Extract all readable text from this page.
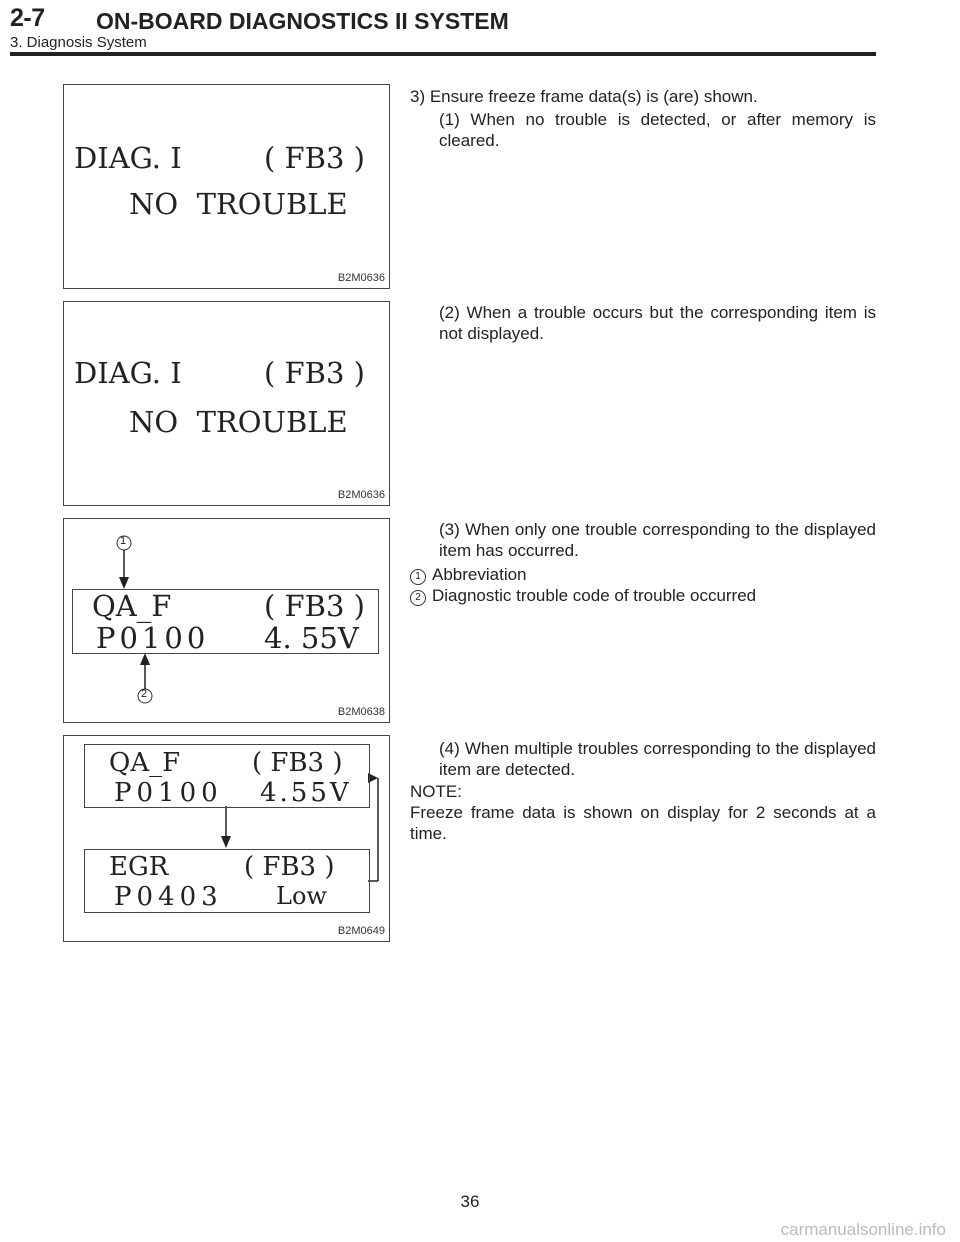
2-7 ON-BOARD DIAGNOSTICS II SYSTEM
3. Diagnosis System
DIAG. I	( FB3 )
NO  TROUBLE
B2M0636
DIAG. I	( FB3 )
NO  TROUBLE
B2M0636
1
2
QA_F	( FB3 )
P0100 4. 55V
B2M0638
QA_F	( FB3 )
P0100 4.55V
EGR	( FB3 )
P0403 Low
B2M0649
3) Ensure freeze frame data(s) is (are) shown.
(1) When no trouble is detected, or after memory is cleared.
(2) When a trouble occurs but the corresponding item is not displayed.
(3) When only one trouble corresponding to the displayed item has occurred.
1 Abbreviation
2 Diagnostic trouble code of trouble occurred
(4) When multiple troubles corresponding to the displayed item are detected.
NOTE:
Freeze frame data is shown on display for 2 seconds at a time.
36
carmanualsonline.info
